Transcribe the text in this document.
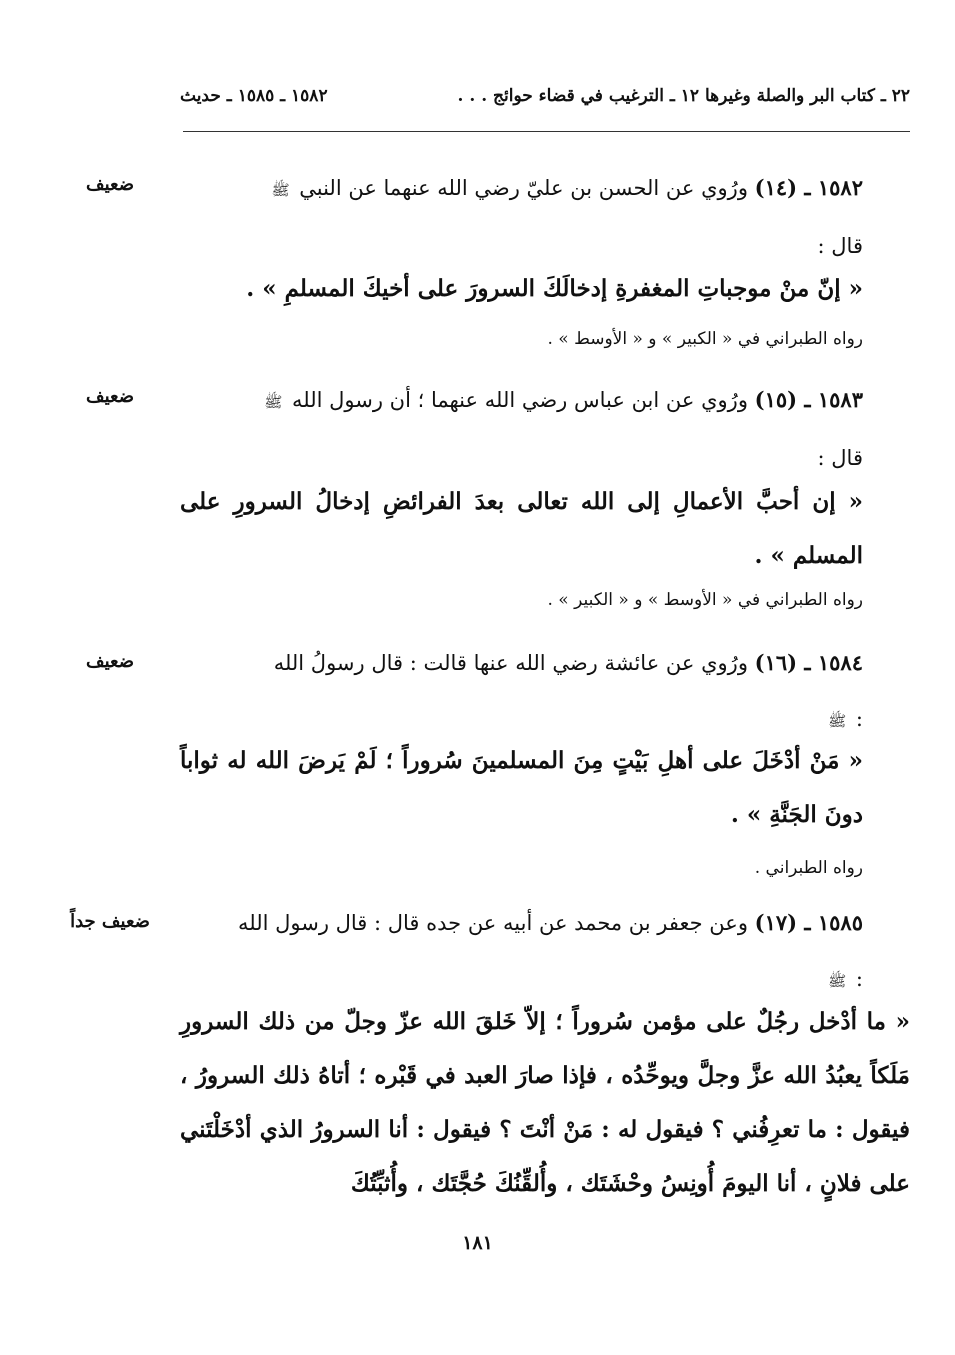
٢٢ ـ كتاب البر والصلة وغيرها ١٢ ـ الترغيب في قضاء حوائج . . .
١٥٨٢ ـ ١٥٨٥ ـ حديث
ضعيف	١٥٨٢ ـ (١٤) ورُوي عن الحسن بن عليّ رضي الله عنهما عن النبي ﷺ
قال :
« إنّ منْ موجباتِ المغفرةِ إدخالَكَ السرورَ على أخيكَ المسلمِ » .
رواه الطبراني في « الكبير » و « الأوسط » .
ضعيف	١٥٨٣ ـ (١٥) ورُوي عن ابن عباس رضي الله عنهما ؛ أن رسول الله ﷺ
قال :
« إن أحبَّ الأعمالِ إلى الله تعالى بعدَ الفرائضِ إدخالُ السرورِ على المسلم » .
رواه الطبراني في « الأوسط » و « الكبير » .
ضعيف	١٥٨٤ ـ (١٦) ورُوي عن عائشة رضي الله عنها قالت : قال رسولُ الله
: ﷺ
« مَنْ أدْخَلَ على أهلِ بَيْتٍ مِنَ المسلمينَ سُروراً ؛ لَمْ يَرضَ الله له ثواباً دونَ الجَنَّةِ » .
رواه الطبراني .
ضعيف جداً	١٥٨٥ ـ (١٧) وعن جعفر بن محمد عن أبيه عن جده قال : قال رسول الله
: ﷺ
« ما أدْخل رجُلٌ على مؤمن سُروراً ؛ إلاّ خَلقَ الله عزّ وجلّ من ذلك السرورِ مَلَكاً يعبُدُ الله عزَّ وجلَّ ويوحِّدُه ، فإذا صارَ العبد في قَبْره ؛ أتاهُ ذلك السرورُ ، فيقول : ما تعرِفُني ؟ فيقول له : مَنْ أنْتَ ؟ فيقول : أنا السرورُ الذي أدْخَلْتَني على فلانٍ ، أنا اليومَ أُونِسُ وحْشَتَك ، وأُلقِّنُكَ حُجَّتَك ، وأُثبِّتُكَ
١٨١
